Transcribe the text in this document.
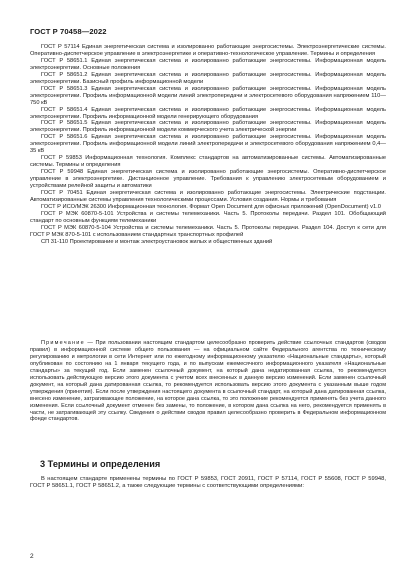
ГОСТ Р 70458—2022

ГОСТ Р 57114 Единая энергетическая система и изолированно работающие энергосистемы. Электроэнергетические системы. Оперативно-диспетчерское управление в электроэнергетике и оперативно-технологическое управление. Термины и определения

ГОСТ Р 58651.1 Единая энергетическая система и изолированно работающие энергосистемы. Информационная модель электроэнергетики. Основные положения

ГОСТ Р 58651.2 Единая энергетическая система и изолированно работающие энергосистемы. Информационная модель электроэнергетики. Базисный профиль информационной модели

ГОСТ Р 58651.3 Единая энергетическая система и изолированно работающие энергосистемы. Информационная модель электроэнергетики. Профиль информационной модели линий электропередачи и электросетевого оборудования напряжением 110—750 кВ

ГОСТ Р 58651.4 Единая энергетическая система и изолированно работающие энергосистемы. Информационная модель электроэнергетики. Профиль информационной модели генерирующего оборудования

ГОСТ Р 58651.5 Единая энергетическая система и изолированно работающие энергосистемы. Информационная модель электроэнергетики. Профиль информационной модели коммерческого учета электрической энергии

ГОСТ Р 58651.6 Единая энергетическая система и изолированно работающие энергосистемы. Информационная модель электроэнергетики. Профиль информационной модели линий электропередачи и электросетевого оборудования напряжением 0,4—35 кВ

ГОСТ Р 59853 Информационная технология. Комплекс стандартов на автоматизированные системы. Автоматизированные системы. Термины и определения

ГОСТ Р 59948 Единая энергетическая система и изолированно работающие энергосистемы. Оперативно-диспетчерское управление в электроэнергетике. Дистанционное управление. Требования к управлению электросетевым оборудованием и устройствами релейной защиты и автоматики

ГОСТ Р 70451 Единая энергетическая система и изолированно работающие энергосистемы. Электрические подстанции. Автоматизированные системы управления технологическими процессами. Условия создания. Нормы и требования

ГОСТ Р ИСО/МЭК 26300 Информационная технология. Формат Open Document для офисных приложений (OpenDocument) v1.0

ГОСТ Р МЭК 60870-5-101 Устройства и системы телемеханики. Часть 5. Протоколы передачи. Раздел 101. Обобщающий стандарт по основным функциям телемеханики

ГОСТ Р МЭК 60870-5-104 Устройства и системы телемеханики. Часть 5. Протоколы передачи. Раздел 104. Доступ к сети для ГОСТ Р МЭК 870-5-101 с использованием стандартных транспортных профилей

СП 31-110 Проектирование и монтаж электроустановок жилых и общественных зданий

Примечание — При пользовании настоящим стандартом целесообразно проверить действие ссылочных стандартов (сводов правил) в информационной системе общего пользования — на официальном сайте Федерального агентства по техническому регулированию и метрологии в сети Интернет или по ежегодному информационному указателю «Национальные стандарты», который опубликован по состоянию на 1 января текущего года, и по выпускам ежемесячного информационного указателя «Национальные стандарты» за текущий год. Если заменен ссылочный документ, на который дана недатированная ссылка, то рекомендуется использовать действующую версию этого документа с учетом всех внесенных в данную версию изменений. Если заменен ссылочный документ, на который дана датированная ссылка, то рекомендуется использовать версию этого документа с указанным выше годом утверждения (принятия). Если после утверждения настоящего документа в ссылочный стандарт, на который дана датированная ссылка, внесено изменение, затрагивающее положение, на которое дана ссылка, то это положение рекомендуется применять без учета данного изменения. Если ссылочный документ отменен без замены, то положение, в котором дана ссылка на него, рекомендуется применять в части, не затрагивающей эту ссылку. Сведения о действии сводов правил целесообразно проверить в Федеральном информационном фонде стандартов.

3 Термины и определения

В настоящем стандарте применены термины по ГОСТ Р 59853, ГОСТ 20911, ГОСТ Р 57114, ГОСТ Р 55608, ГОСТ Р 59948, ГОСТ Р 58651.1, ГОСТ Р 58651.2, а также следующие термины с соответствующими определениями:

2
